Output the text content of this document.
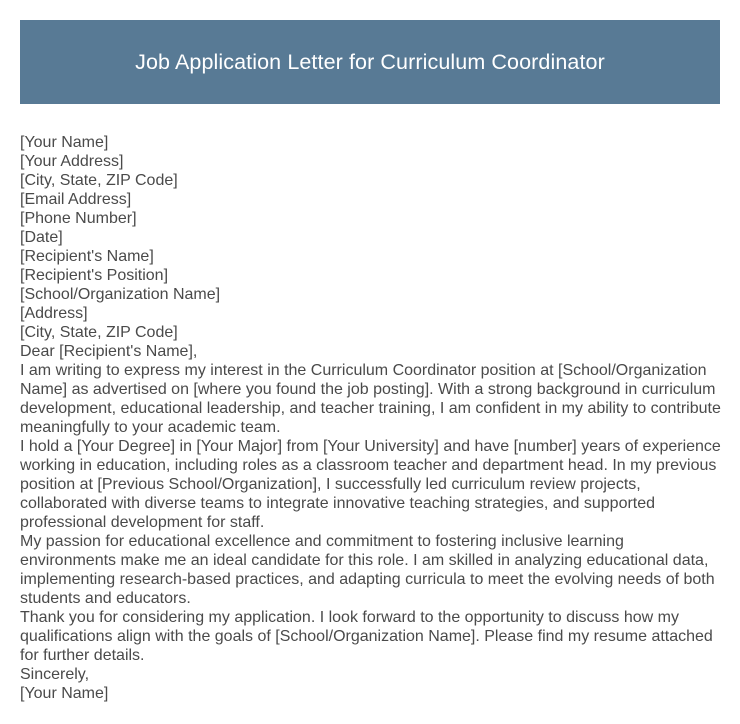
Job Application Letter for Curriculum Coordinator
[Your Name]
[Your Address]
[City, State, ZIP Code]
[Email Address]
[Phone Number]
[Date]
[Recipient's Name]
[Recipient's Position]
[School/Organization Name]
[Address]
[City, State, ZIP Code]

Dear [Recipient's Name],

I am writing to express my interest in the Curriculum Coordinator position at [School/Organization Name] as advertised on [where you found the job posting]. With a strong background in curriculum development, educational leadership, and teacher training, I am confident in my ability to contribute meaningfully to your academic team.

I hold a [Your Degree] in [Your Major] from [Your University] and have [number] years of experience working in education, including roles as a classroom teacher and department head. In my previous position at [Previous School/Organization], I successfully led curriculum review projects, collaborated with diverse teams to integrate innovative teaching strategies, and supported professional development for staff.

My passion for educational excellence and commitment to fostering inclusive learning environments make me an ideal candidate for this role. I am skilled in analyzing educational data, implementing research-based practices, and adapting curricula to meet the evolving needs of both students and educators.

Thank you for considering my application. I look forward to the opportunity to discuss how my qualifications align with the goals of [School/Organization Name]. Please find my resume attached for further details.

Sincerely,

[Your Name]
